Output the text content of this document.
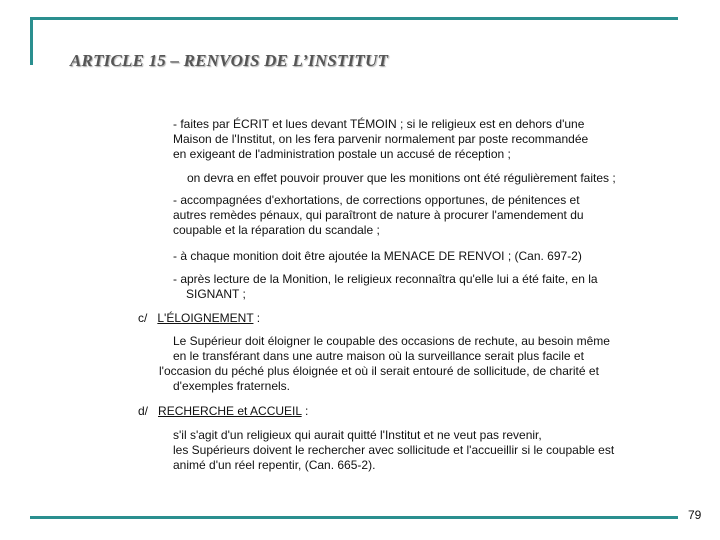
ARTICLE 15 – RENVOIS DE L’INSTITUT
- faites par ÉCRIT et lues devant TÉMOIN ; si le religieux est en dehors d'une
Maison de l'Institut, on les fera parvenir normalement par poste recommandée
en exigeant de l'administration postale un accusé de réception ;
on devra en effet pouvoir prouver que les monitions ont été régulièrement faites ;
- accompagnées d'exhortations, de corrections opportunes, de pénitences et
autres remèdes pénaux, qui paraîtront de nature à procurer l'amendement du
coupable et la réparation du scandale ;
- à chaque monition doit être ajoutée la MENACE DE RENVOI ; (Can. 697-2)
- après lecture de la Monition, le religieux reconnaîtra qu'elle lui a été faite, en la
SIGNANT ;
c/ L'ÉLOIGNEMENT :
Le Supérieur doit éloigner le coupable des occasions de rechute, au besoin même
en le transférant dans une autre maison où la surveillance serait plus facile et
l'occasion du péché plus éloignée et où il serait entouré de sollicitude, de charité et
d'exemples fraternels.
d/ RECHERCHE et ACCUEIL :
s'il s'agit d'un religieux qui aurait quitté l'Institut et ne veut pas revenir,
les Supérieurs doivent le rechercher avec sollicitude et l'accueillir si le coupable est
animé d'un réel repentir, (Can. 665-2).
79
